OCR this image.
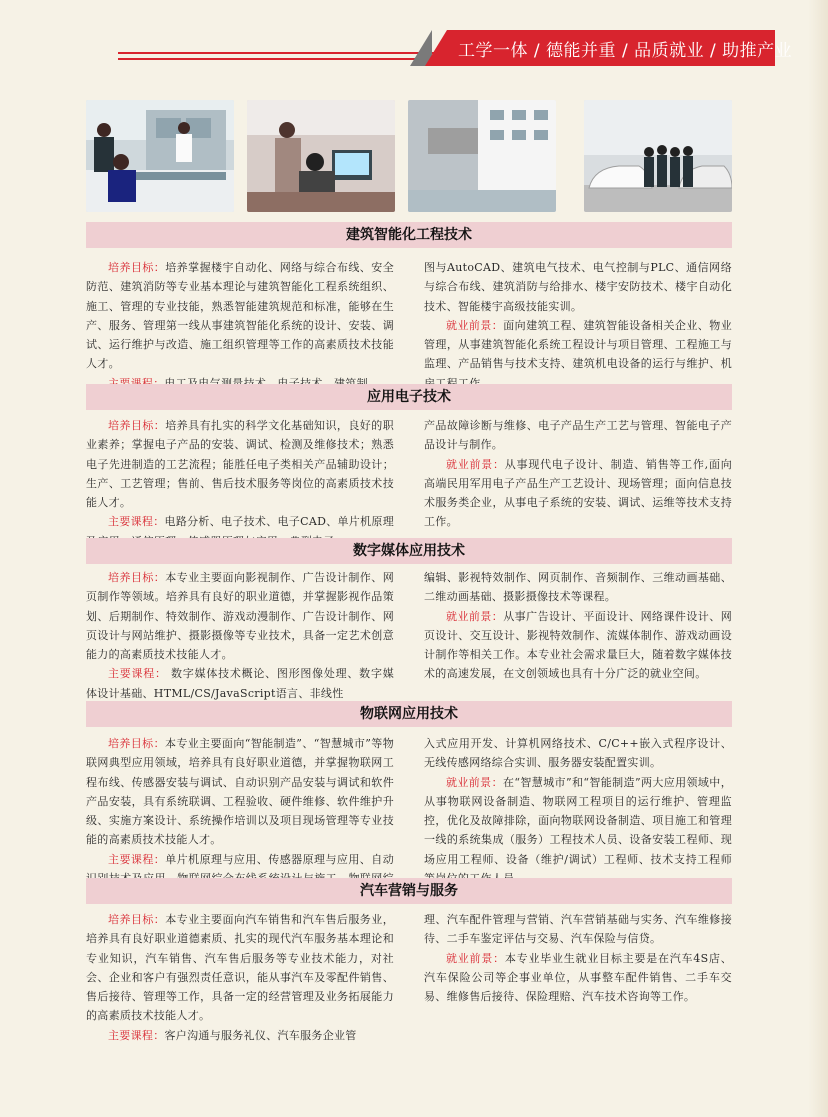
工学一体 / 德能并重 / 品质就业 / 助推产业
建筑智能化工程技术

培养目标：培养掌握楼宇自动化、网络与综合布线、安全防范、建筑消防等专业基本理论与建筑智能化工程系统组织、施工、管理的专业技能，熟悉智能建筑规范和标准，能够在生产、服务、管理第一线从事建筑智能化系统的设计、安装、调试、运行维护与改造、施工组织管理等工作的高素质技术技能人才。

图与AutoCAD、建筑电气技术、电气控制与PLC、通信网络与综合布线、建筑消防与给排水、楼宇安防技术、楼宇自动化技术、智能楼宇高级技能实训。

就业前景：面向建筑工程、建筑智能设备相关企业、物业管理，从事建筑智能化系统工程设计与项目管理、工程施工与监理、产品销售与技术支持、建筑机电设备的运行与维护、机

应用电子技术

培养目标：培养具有扎实的科学文化基础知识，良好的职业素养；掌握电子产品的安装、调试、检测及维修技术；熟悉电子先进制造的工艺流程；能胜任电子类相关产品辅助设计；生产、工艺管理；售前、售后技术服务等岗位的高素质技术技能人才。

主要课程：电路分析、电子技术、电子CAD、单片机原理

产品故障诊断与维修、电子产品生产工艺与管理、智能电子产品设计与制作。

就业前景：从事现代电子设计、制造、销售等工作,面向高端民用军用电子产品生产工艺设计、现场管理；面向信息技术服务类企业，从事电子系统的安装、调试、运维等技术支持工作。

数字媒体应用技术

培养目标：本专业主要面向影视制作、广告设计制作、网页制作等领域。培养具有良好的职业道德，并掌握影视作品策划、后期制作、特效制作、游戏动漫制作、广告设计制作、网页设计与网站维护、摄影摄像等专业技术，具备一定艺术创意能力的高素质技术技能人才。

主要课程： 数字媒体技术概论、图形图像处理、数字媒体设计基础、HTML/CS/JavaScript语言、非线性

编辑、影视特效制作、网页制作、音频制作、三维动画基础、二维动画基础、摄影摄像技术等课程。

就业前景：从事广告设计、平面设计、网络课件设计、网页设计、交互设计、影视特效制作、流媒体制作、游戏动画设计制作等相关工作。本专业社会需求量巨大，随着数字媒体技术的高速发展，在文创领域也具有十分广泛的就业空间。

物联网应用技术

培养目标：本专业主要面向“智能制造”、“智慧城市”等物联网典型应用领域，培养具有良好职业道德，并掌握物联网工程布线、传感器安装与调试、自动识别产品安装与调试和软件产品安装，具有系统联调、工程验收、硬件维修、软件维护升级、实施方案设计、系统操作培训以及项目现场管理等专业技能的高素质技术技能人才。

主要课程：单片机原理与应用、传感器原理与应用、自动

入式应用开发、计算机网络技术、C/C++嵌入式程序设计、无线传感网络综合实训、服务器安装配置实训。

就业前景：在“智慧城市”和“智能制造”两大应用领域中，从事物联网设备制造、物联网工程项目的运行维护、管理监控，优化及故障排除，面向物联网设备制造、项目施工和管理一线的系统集成（服务）工程技术人员、设备安装工程师、现场应用工程师、设备（维护/调试）工程师、技术支持工程师

汽车营销与服务

培养目标：本专业主要面向汽车销售和汽车售后服务业，培养具有良好职业道德素质、扎实的现代汽车服务基本理论和专业知识，汽车销售、汽车售后服务等专业技术能力，对社会、企业和客户有强烈责任意识，能从事汽车及零配件销售、售后接待、管理等工作，具备一定的经营管理及业务拓展能力的高素质技术技能人才。

主要课程：客户沟通与服务礼仪、汽车服务企业管

理、汽车配件管理与营销、汽车营销基础与实务、汽车维修接待、二手车鉴定评估与交易、汽车保险与信贷。

就业前景：本专业毕业生就业目标主要是在汽车4S店、汽车保险公司等企事业单位，从事整车配件销售、二手车交易、维修售后接待、保险理赔、汽车技术咨询等工作。
